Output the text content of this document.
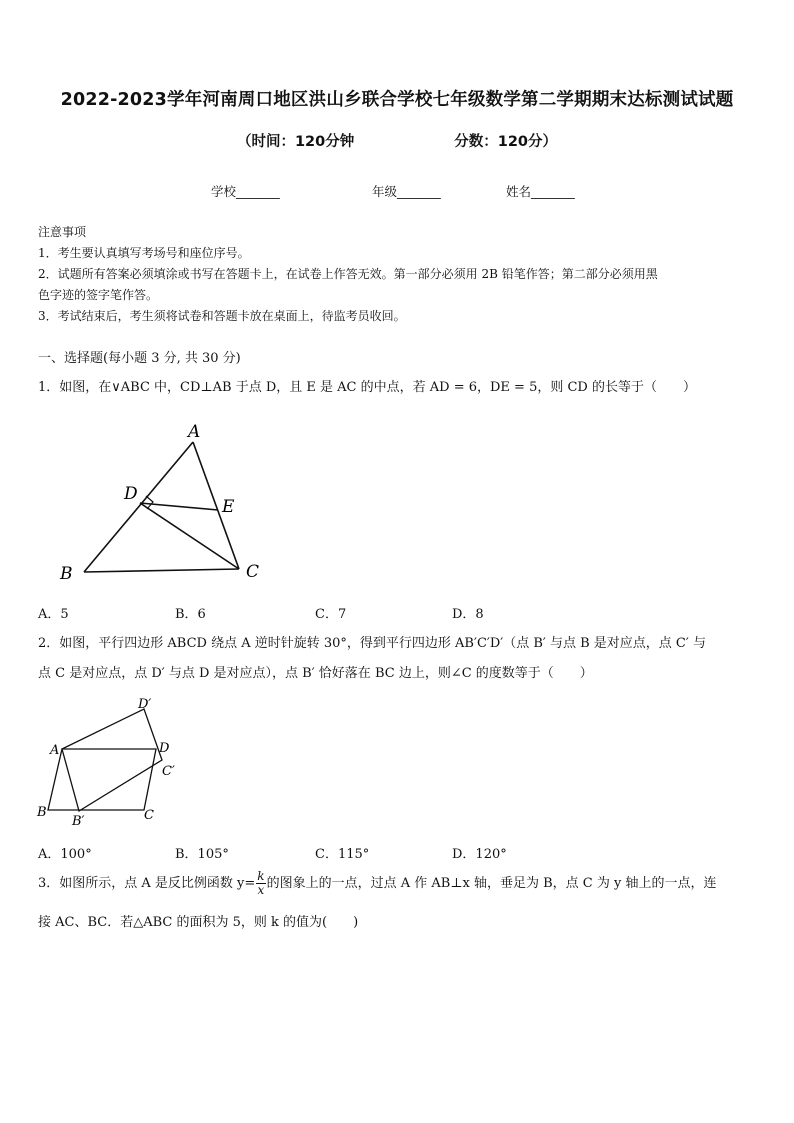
2022-2023学年河南周口地区洪山乡联合学校七年级数学第二学期期末达标测试试题
（时间：120分钟	分数：120分）
学校_______	年级_______	姓名_______
注意事项
1．考生要认真填写考场号和座位序号。
2．试题所有答案必须填涂或书写在答题卡上，在试卷上作答无效。第一部分必须用 2B 铅笔作答；第二部分必须用黑
色字迹的签字笔作答。
3．考试结束后，考生须将试卷和答题卡放在桌面上，待监考员收回。
一、选择题(每小题 3 分, 共 30 分)
1．如图，在∨ABC 中，CD⊥AB 于点 D，且 E 是 AC 的中点，若 AD = 6，DE = 5，则 CD 的长等于（　　）
A
D
E
B	C
A．5	B．6	C．7	D．8
2．如图，平行四边形 ABCD 绕点 A 逆时针旋转 30°，得到平行四边形 AB′C′D′（点 B′ 与点 B 是对应点，点 C′ 与
点 C 是对应点，点 D′ 与点 D 是对应点），点 B′ 恰好落在 BC 边上，则∠C 的度数等于（　　）
D′
A	D
C′
B
B′	C
A．100°	B．105°	C．115°	D．120°
3．如图所示，点 A 是反比例函数 $y= \frac{k}{x}$ 的图象上的一点，过点 A 作 AB⊥x 轴，垂足为 B，点 C 为 y 轴上的一点，连
接 AC、BC．若△ABC 的面积为 5，则 k 的值为(　　)
